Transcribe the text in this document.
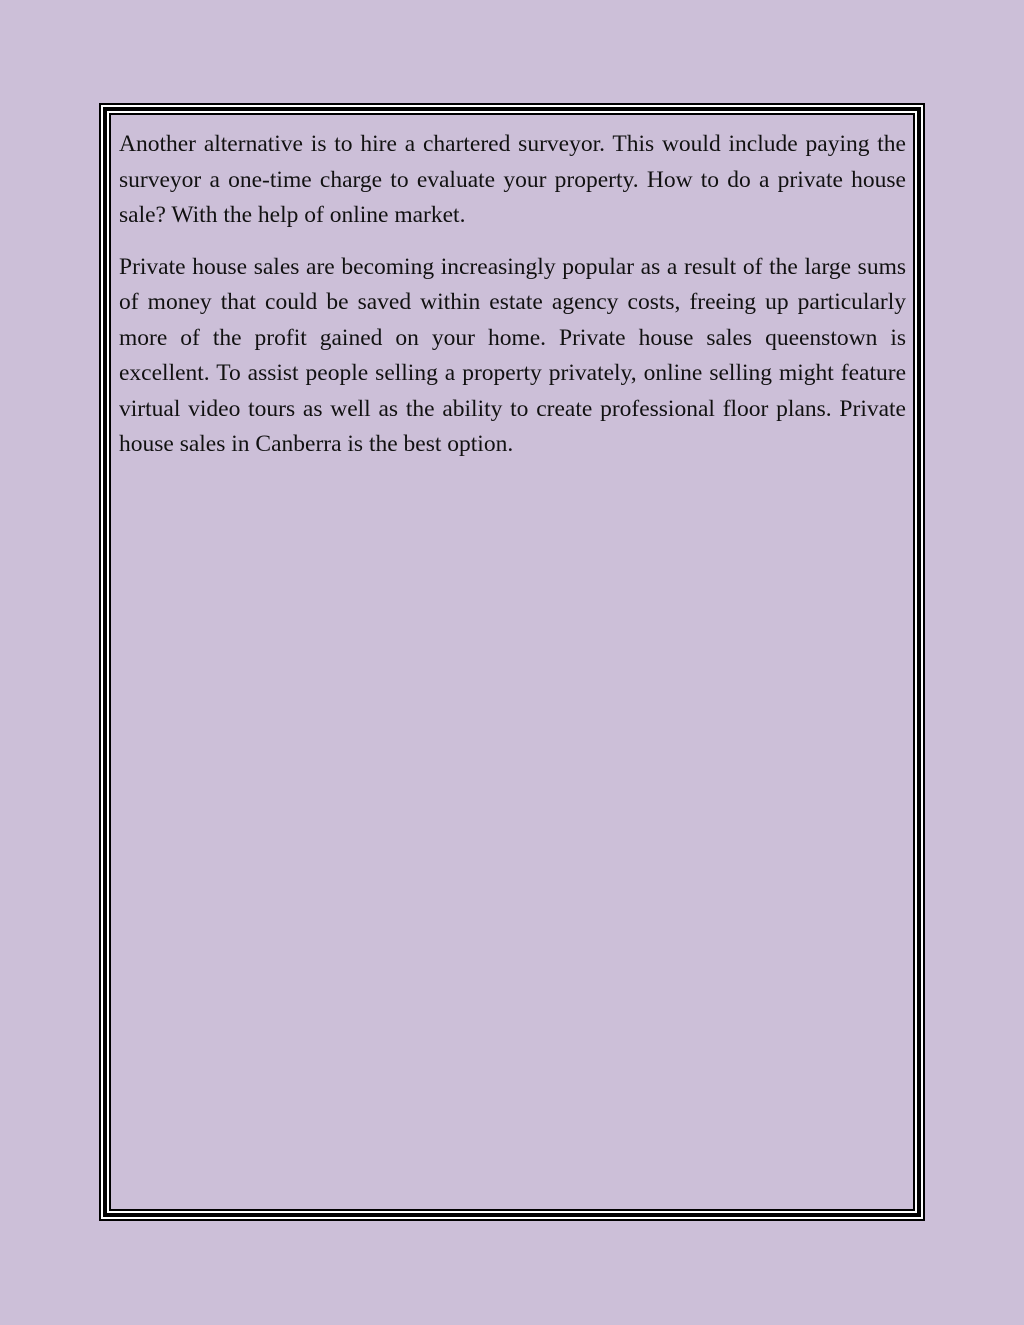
Another alternative is to hire a chartered surveyor. This would include paying the surveyor a one-time charge to evaluate your property. How to do a private house sale? With the help of online market.

Private house sales are becoming increasingly popular as a result of the large sums of money that could be saved within estate agency costs, freeing up particularly more of the profit gained on your home. Private house sales queenstown is excellent. To assist people selling a property privately, online selling might feature virtual video tours as well as the ability to create professional floor plans. Private house sales in Canberra is the best option.
